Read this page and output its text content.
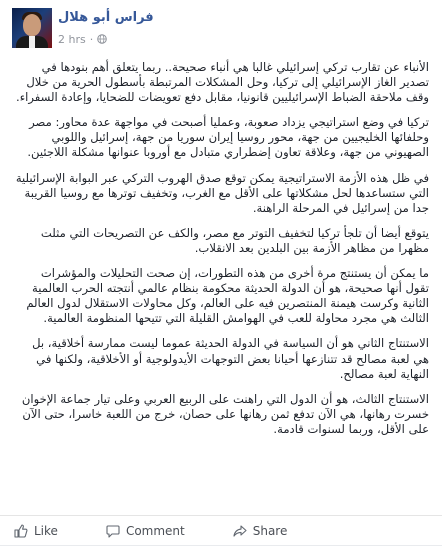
فراس أبو هلال
2 hrs ·

الأنباء عن تقارب تركي إسرائيلي غالبا هي أنباء صحيحة.. ربما يتعلق أهم بنودها في تصدير الغاز الإسرائيلي إلى تركيا، وحل المشكلات المرتبطة بأسطول الحرية من خلال وقف ملاحقة الضباط الإسرائيليين قانونيا، مقابل دفع تعويضات للضحايا، وإعادة السفراء.

تركيا في وضع استراتيجي يزداد صعوبة، وعمليا أصبحت في مواجهة عدة محاور: مصر وحلفائها الخليجيين من جهة، محور روسيا إيران سوريا من جهة، إسرائيل واللوبي الصهيوني من جهة، وعلاقة تعاون إضطراري متبادل مع أوروبا عنوانها مشكلة اللاجئين.

في ظل هذه الأزمة الاستراتيجية يمكن توقع صدق الهروب التركي عبر البوابة الإسرائيلية التي ستساعدها لحل مشكلاتها على الأقل مع الغرب، وتخفيف توترها مع روسيا القريبة جدا من إسرائيل في المرحلة الراهنة.

يتوقع أيضا أن تلجأ تركيا لتخفيف التوتر مع مصر، والكف عن التصريحات التي مثلت مظهرا من مظاهر الأزمة بين البلدين بعد الانقلاب.

ما يمكن أن يستنتج مرة أخرى من هذه التطورات، إن صحت التحليلات والمؤشرات تقول أنها صحيحة، هو أن الدولة الحديثة محكومة بنظام عالمي أنتجته الحرب العالمية الثانية وكرست هيمنة المنتصرين فيه على العالم، وكل محاولات الاستقلال لدول العالم الثالث هي مجرد محاولة للعب في الهوامش القليلة التي تتيحها المنظومة العالمية.

الاستنتاج الثاني هو أن السياسة في الدولة الحديثة عموما ليست ممارسة أخلاقية، بل هي لعبة مصالح قد تتنازعها أحيانا بعض التوجهات الأيدولوجية أو الأخلاقية، ولكنها في النهاية لعبة مصالح.

الاستنتاج الثالث، هو أن الدول التي راهنت على الربيع العربي وعلى تيار جماعة الإخوان خسرت رهانها، هي الآن تدفع ثمن رهانها على حصان، خرج من اللعبة خاسرا، حتى الآن على الأقل، وربما لسنوات قادمة.

Like	Comment	Share
